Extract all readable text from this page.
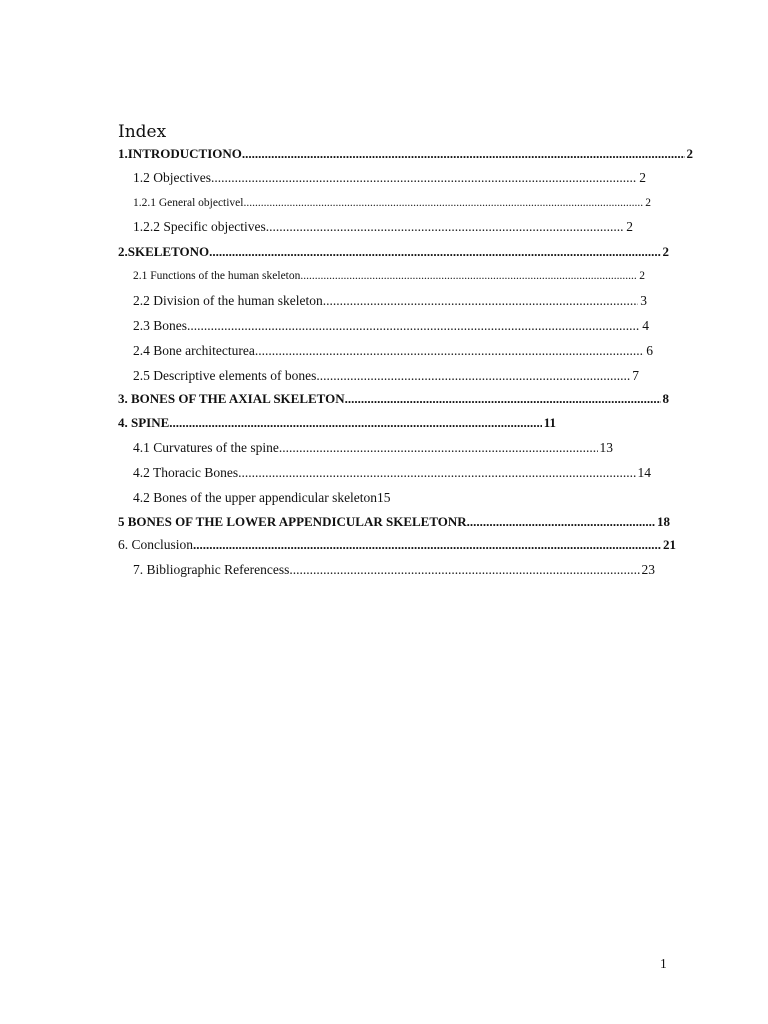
Index
1.INTRODUCTIONO .....	2
1.2 Objectives .....	2
1.2.1 General objectivel .....	2
1.2.2 Specific objectives .....	2
2.SKELETONO .....	2
2.1 Functions of the human skeleton .....	2
2.2 Division of the human skeleton .....	3
2.3 Bones .....	4
2.4 Bone architecturea .....	6
2.5 Descriptive elements of bones .....	7
3. BONES OF THE AXIAL SKELETON .....	8
4. SPINE .....	11
4.1 Curvatures of the spine .....	13
4.2 Thoracic Bones .....	14
4.2 Bones of the upper appendicular skeleton15
5 BONES OF THE LOWER APPENDICULAR SKELETONR .....	18
6. Conclusion .....	21
7. Bibliographic Referencess .....	23
1
